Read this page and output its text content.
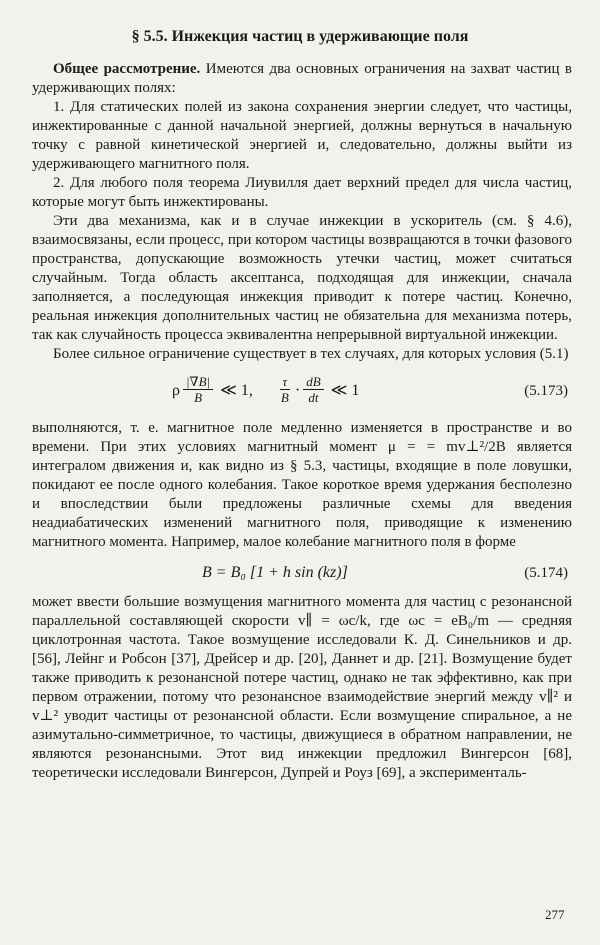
§ 5.5. Инжекция частиц в удерживающие поля

Общее рассмотрение. Имеются два основных ограничения на захват частиц в удерживающих полях:

1. Для статических полей из закона сохранения энергии следует, что частицы, инжектированные с данной начальной энергией, должны вернуться в начальную точку с равной кинетической энергией и, следовательно, должны выйти из удерживающего магнитного поля.

2. Для любого поля теорема Лиувилля дает верхний предел для числа частиц, которые могут быть инжектированы.

Эти два механизма, как и в случае инжекции в ускоритель (см. § 4.6), взаимосвязаны, если процесс, при котором частицы возвращаются в точки фазового пространства, допускающие возможность утечки частиц, может считаться случайным. Тогда область аксептанса, подходящая для инжекции, сначала заполняется, а последующая инжекция приводит к потере частиц. Конечно, реальная инжекция дополнительных частиц не обязательна для механизма потерь, так как случайность процесса эквивалентна непрерывной виртуальной инжекции.

Более сильное ограничение существует в тех случаях, для которых условия (5.1)

ρ $\frac{|\nabla B|}{B}$ ≪ 1, $\frac{\tau}{B} \cdot \frac{dB}{dt}$ ≪ 1	(5.173)

выполняются, т. е. магнитное поле медленно изменяется в пространстве и во времени. При этих условиях магнитный момент μ = = mv⊥²/2B является интегралом движения и, как видно из § 5.3, частицы, входящие в поле ловушки, покидают ее после одного колебания. Такое короткое время удержания бесполезно и впоследствии были предложены различные схемы для введения неадиабатических изменений магнитного поля, приводящие к изменению магнитного момента. Например, малое колебание магнитного поля в форме

B = B₀ [1 + h sin (kz)]	(5.174)

может ввести большие возмущения магнитного момента для частиц с резонансной параллельной составляющей скорости v∥ = ωc/k, где ωc = eB₀/m — средняя циклотронная частота. Такое возмущение исследовали К. Д. Синельников и др. [56], Лейнг и Робсон [37], Дрейсер и др. [20], Даннет и др. [21]. Возмущение будет также приводить к резонансной потере частиц, однако не так эффективно, как при первом отражении, потому что резонансное взаимодействие энергий между v∥² и v⊥² уводит частицы от резонансной области. Если возмущение спиральное, а не азимутально-симметричное, то частицы, движущиеся в обратном направлении, не являются резонансными. Этот вид инжекции предложил Вингерсон [68], теоретически исследовали Вингерсон, Дупрей и Роуз [69], а эксперименталь-

277
